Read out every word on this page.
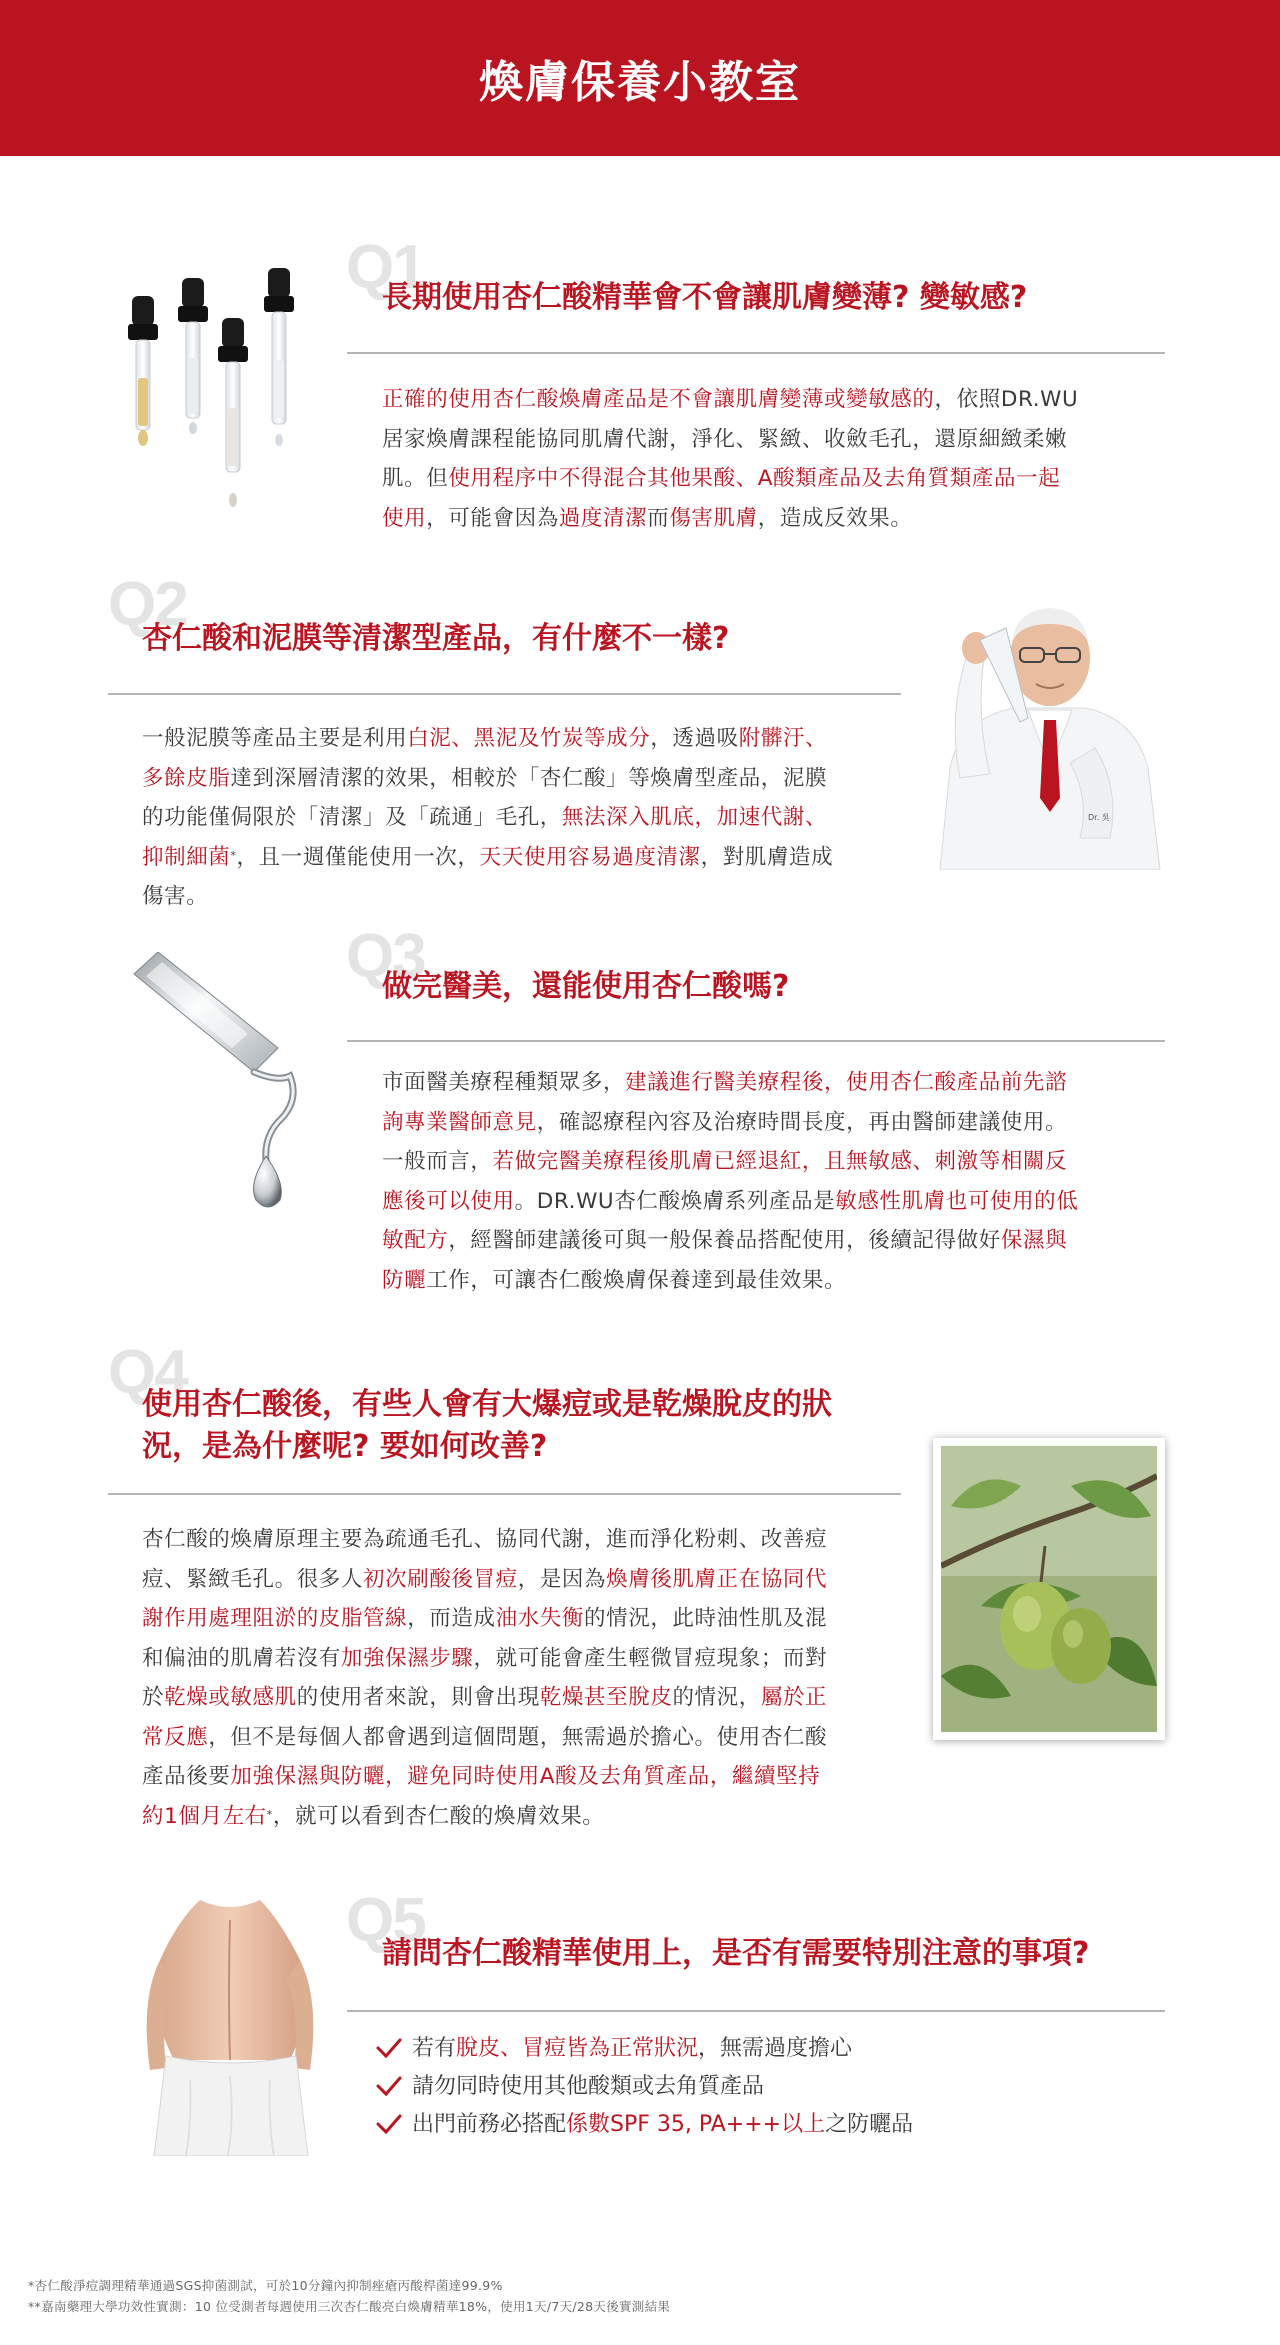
煥膚保養小教室
Q1
長期使用杏仁酸精華會不會讓肌膚變薄? 變敏感?
正確的使用杏仁酸煥膚產品是不會讓肌膚變薄或變敏感的，依照DR.WU
居家煥膚課程能協同肌膚代謝，淨化、緊緻、收斂毛孔，還原細緻柔嫩
肌。但使用程序中不得混合其他果酸、A酸類產品及去角質類產品一起
使用，可能會因為過度清潔而傷害肌膚，造成反效果。
Q2
杏仁酸和泥膜等清潔型產品，有什麼不一樣?
一般泥膜等產品主要是利用白泥、黑泥及竹炭等成分，透過吸附髒汙、
多餘皮脂達到深層清潔的效果，相較於「杏仁酸」等煥膚型產品，泥膜
的功能僅侷限於「清潔」及「疏通」毛孔，無法深入肌底，加速代謝、
抑制細菌*，且一週僅能使用一次，天天使用容易過度清潔，對肌膚造成
傷害。
Dr. 吳
Q3
做完醫美，還能使用杏仁酸嗎?
市面醫美療程種類眾多，建議進行醫美療程後，使用杏仁酸產品前先諮
詢專業醫師意見，確認療程內容及治療時間長度，再由醫師建議使用。
一般而言，若做完醫美療程後肌膚已經退紅，且無敏感、刺激等相關反
應後可以使用。DR.WU杏仁酸煥膚系列產品是敏感性肌膚也可使用的低
敏配方，經醫師建議後可與一般保養品搭配使用，後續記得做好保濕與
防曬工作，可讓杏仁酸煥膚保養達到最佳效果。
Q4
使用杏仁酸後，有些人會有大爆痘或是乾燥脫皮的狀
況，是為什麼呢? 要如何改善?
杏仁酸的煥膚原理主要為疏通毛孔、協同代謝，進而淨化粉刺、改善痘
痘、緊緻毛孔。很多人初次刷酸後冒痘，是因為煥膚後肌膚正在協同代
謝作用處理阻淤的皮脂管線，而造成油水失衡的情況，此時油性肌及混
和偏油的肌膚若沒有加強保濕步驟，就可能會產生輕微冒痘現象；而對
於乾燥或敏感肌的使用者來說，則會出現乾燥甚至脫皮的情況，屬於正
常反應，但不是每個人都會遇到這個問題，無需過於擔心。使用杏仁酸
產品後要加強保濕與防曬，避免同時使用A酸及去角質產品，繼續堅持
約1個月左右*，就可以看到杏仁酸的煥膚效果。
Q5
請問杏仁酸精華使用上，是否有需要特別注意的事項?
若有脫皮、冒痘皆為正常狀況，無需過度擔心
請勿同時使用其他酸類或去角質產品
出門前務必搭配係數SPF 35, PA+++以上之防曬品
*杏仁酸淨痘調理精華通過SGS抑菌測試，可於10分鐘內抑制痤瘡丙酸桿菌達99.9%
**嘉南藥理大學功效性實測：10 位受測者每週使用三次杏仁酸亮白煥膚精華18%，使用1天/7天/28天後實測結果
